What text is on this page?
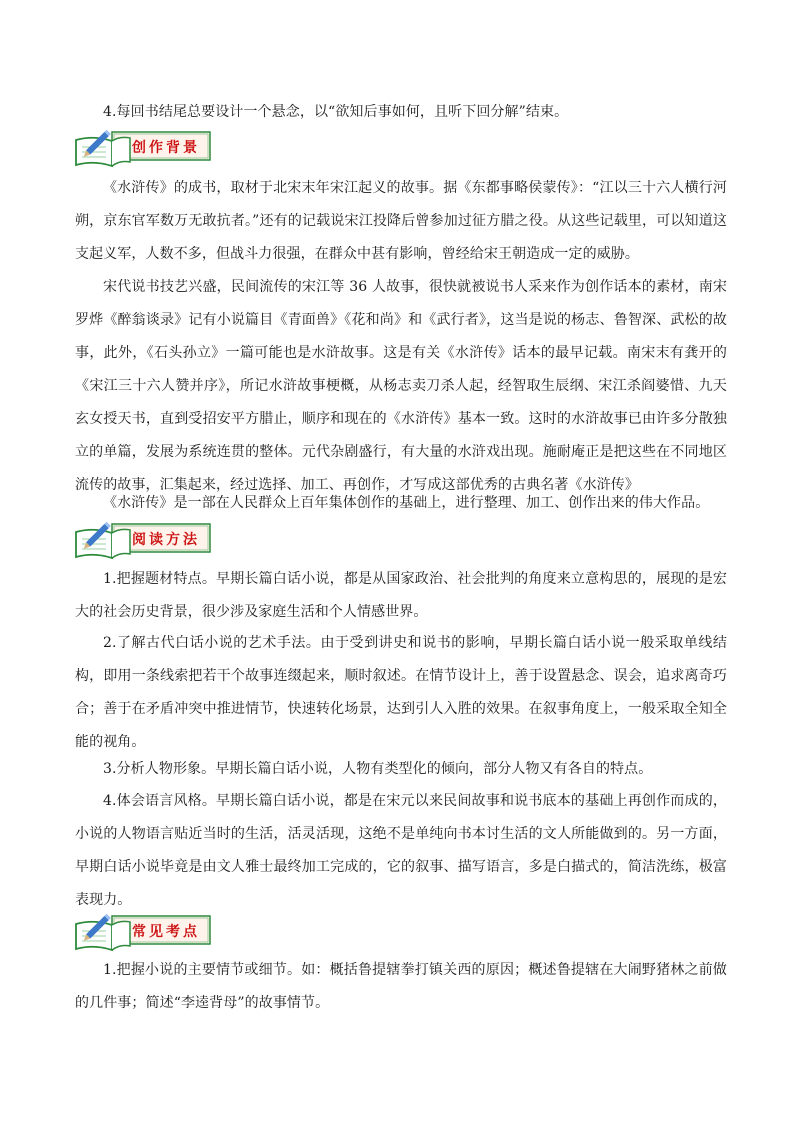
4.每回书结尾总要设计一个悬念，以“欲知后事如何，且听下回分解”结束。

创作背景

《水浒传》的成书，取材于北宋末年宋江起义的故事。据《东都事略侯蒙传》：“江以三十六人横行河朔，京东官军数万无敢抗者。”还有的记载说宋江投降后曾参加过征方腊之役。从这些记载里，可以知道这支起义军，人数不多，但战斗力很强，在群众中甚有影响，曾经给宋王朝造成一定的威胁。

宋代说书技艺兴盛，民间流传的宋江等 36 人故事，很快就被说书人采来作为创作话本的素材，南宋罗烨《醉翁谈录》记有小说篇目《青面兽》《花和尚》和《武行者》，这当是说的杨志、鲁智深、武松的故事，此外，《石头孙立》一篇可能也是水浒故事。这是有关《水浒传》话本的最早记载。南宋末有龚开的《宋江三十六人赞并序》，所记水浒故事梗概，从杨志卖刀杀人起，经智取生辰纲、宋江杀阎婆惜、九天玄女授天书，直到受招安平方腊止，顺序和现在的《水浒传》基本一致。这时的水浒故事已由许多分散独立的单篇，发展为系统连贯的整体。元代杂剧盛行，有大量的水浒戏出现。施耐庵正是把这些在不同地区流传的故事，汇集起来，经过选择、加工、再创作，才写成这部优秀的古典名著《水浒传》

《水浒传》是一部在人民群众上百年集体创作的基础上，进行整理、加工、创作出来的伟大作品。

阅读方法

1.把握题材特点。早期长篇白话小说，都是从国家政治、社会批判的角度来立意构思的，展现的是宏大的社会历史背景，很少涉及家庭生活和个人情感世界。

2.了解古代白话小说的艺术手法。由于受到讲史和说书的影响，早期长篇白话小说一般采取单线结构，即用一条线索把若干个故事连缀起来，顺时叙述。在情节设计上，善于设置悬念、误会，追求离奇巧合；善于在矛盾冲突中推进情节，快速转化场景，达到引人入胜的效果。在叙事角度上，一般采取全知全能的视角。

3.分析人物形象。早期长篇白话小说，人物有类型化的倾向，部分人物又有各自的特点。

4.体会语言风格。早期长篇白话小说，都是在宋元以来民间故事和说书底本的基础上再创作而成的，小说的人物语言贴近当时的生活，活灵活现，这绝不是单纯向书本讨生活的文人所能做到的。另一方面，早期白话小说毕竟是由文人雅士最终加工完成的，它的叙事、描写语言，多是白描式的，简洁洗练，极富表现力。

常见考点

1.把握小说的主要情节或细节。如：概括鲁提辖拳打镇关西的原因；概述鲁提辖在大闹野猪林之前做的几件事；简述“李逵背母”的故事情节。
